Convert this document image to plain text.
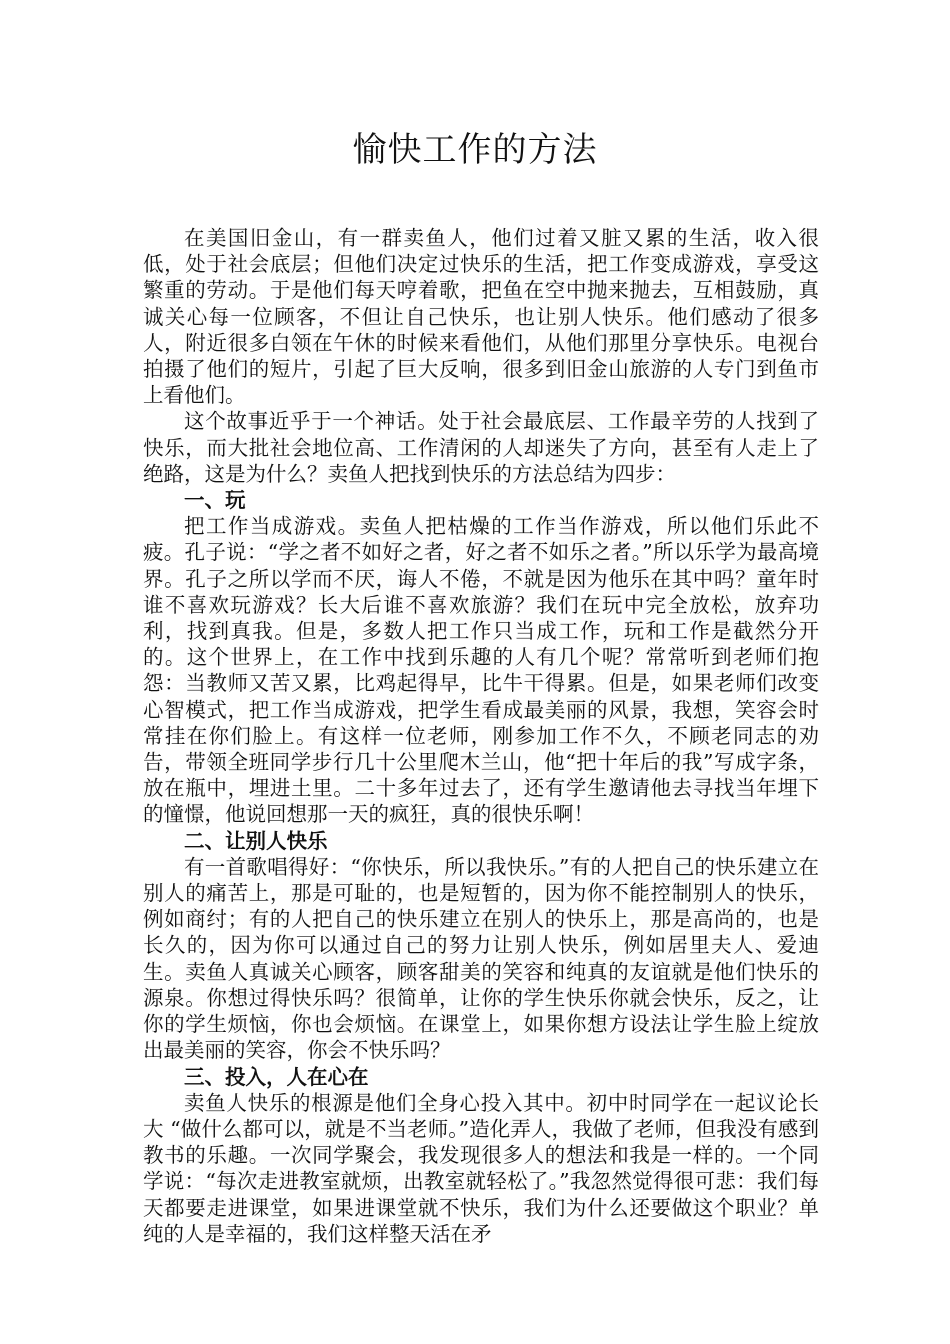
愉快工作的方法

在美国旧金山，有一群卖鱼人，他们过着又脏又累的生活，收入很低，处于社会底层；但他们决定过快乐的生活，把工作变成游戏，享受这繁重的劳动。于是他们每天哼着歌，把鱼在空中抛来抛去，互相鼓励，真诚关心每一位顾客，不但让自己快乐，也让别人快乐。他们感动了很多人，附近很多白领在午休的时候来看他们，从他们那里分享快乐。电视台拍摄了他们的短片，引起了巨大反响，很多到旧金山旅游的人专门到鱼市上看他们。

这个故事近乎于一个神话。处于社会最底层、工作最辛劳的人找到了快乐，而大批社会地位高、工作清闲的人却迷失了方向，甚至有人走上了绝路，这是为什么？卖鱼人把找到快乐的方法总结为四步：

一、玩

把工作当成游戏。卖鱼人把枯燥的工作当作游戏，所以他们乐此不疲。孔子说：“学之者不如好之者，好之者不如乐之者。”所以乐学为最高境界。孔子之所以学而不厌，诲人不倦，不就是因为他乐在其中吗？童年时谁不喜欢玩游戏？长大后谁不喜欢旅游？我们在玩中完全放松，放弃功利，找到真我。但是，多数人把工作只当成工作，玩和工作是截然分开的。这个世界上，在工作中找到乐趣的人有几个呢？常常听到老师们抱怨：当教师又苦又累，比鸡起得早，比牛干得累。但是，如果老师们改变心智模式，把工作当成游戏，把学生看成最美丽的风景，我想，笑容会时常挂在你们脸上。有这样一位老师，刚参加工作不久，不顾老同志的劝告，带领全班同学步行几十公里爬木兰山，他“把十年后的我”写成字条，放在瓶中，埋进土里。二十多年过去了，还有学生邀请他去寻找当年埋下的憧憬，他说回想那一天的疯狂，真的很快乐啊！

二、让别人快乐

有一首歌唱得好：“你快乐，所以我快乐。”有的人把自己的快乐建立在别人的痛苦上，那是可耻的，也是短暂的，因为你不能控制别人的快乐，例如商纣；有的人把自己的快乐建立在别人的快乐上，那是高尚的，也是长久的，因为你可以通过自己的努力让别人快乐，例如居里夫人、爱迪生。卖鱼人真诚关心顾客，顾客甜美的笑容和纯真的友谊就是他们快乐的源泉。你想过得快乐吗？很简单，让你的学生快乐你就会快乐，反之，让你的学生烦恼，你也会烦恼。在课堂上，如果你想方设法让学生脸上绽放出最美丽的笑容，你会不快乐吗？

三、投入，人在心在

卖鱼人快乐的根源是他们全身心投入其中。初中时同学在一起议论长大 “做什么都可以，就是不当老师。”造化弄人，我做了老师，但我没有感到教书的乐趣。一次同学聚会，我发现很多人的想法和我是一样的。一个同学说：“每次走进教室就烦，出教室就轻松了。”我忽然觉得很可悲：我们每天都要走进课堂，如果进课堂就不快乐，我们为什么还要做这个职业？单纯的人是幸福的，我们这样整天活在矛
